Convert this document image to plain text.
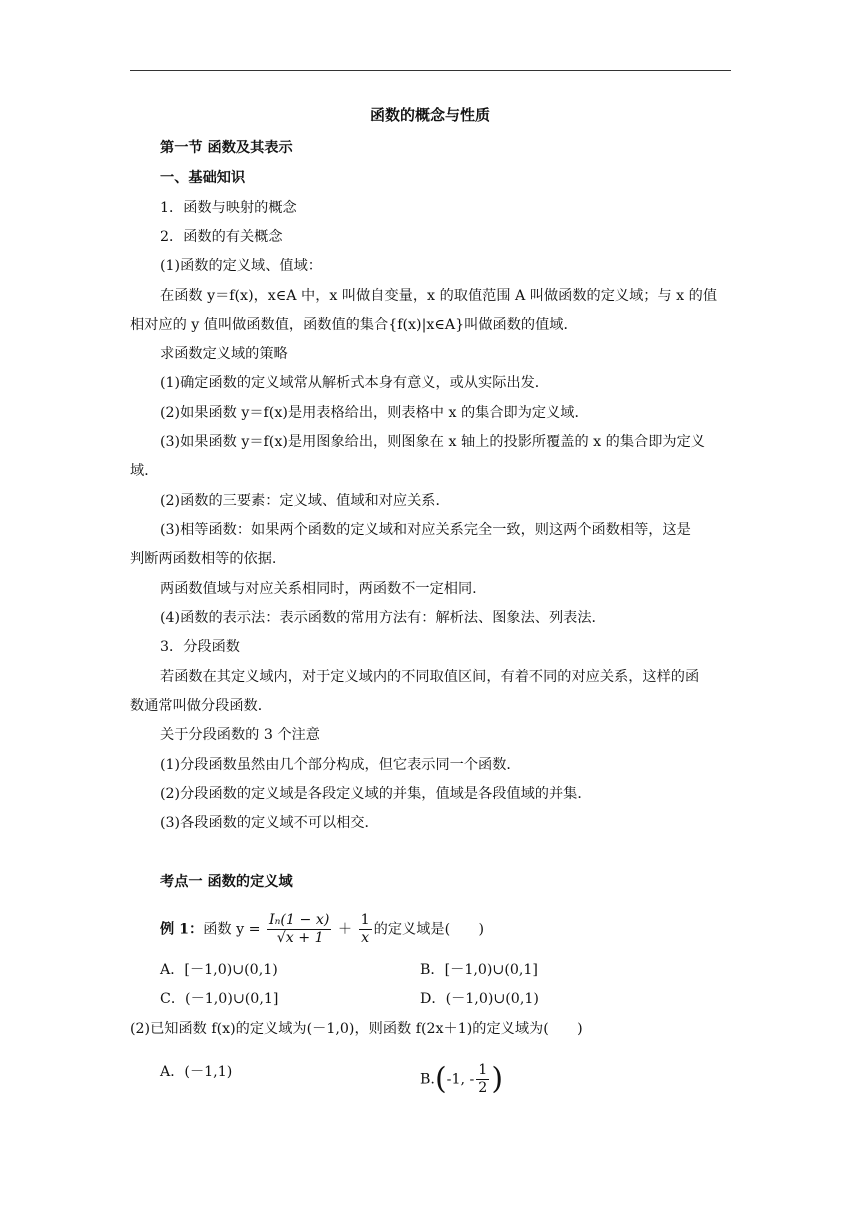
函数的概念与性质
第一节 函数及其表示
一、基础知识
1．函数与映射的概念
2．函数的有关概念
(1)函数的定义域、值域：
在函数 y＝f(x)，x∈A 中，x 叫做自变量，x 的取值范围 A 叫做函数的定义域；与 x 的值
相对应的 y 值叫做函数值，函数值的集合{f(x)|x∈A}叫做函数的值域．
求函数定义域的策略
(1)确定函数的定义域常从解析式本身有意义，或从实际出发．
(2)如果函数 y＝f(x)是用表格给出，则表格中 x 的集合即为定义域．
(3)如果函数 y＝f(x)是用图象给出，则图象在 x 轴上的投影所覆盖的 x 的集合即为定义
域．
(2)函数的三要素：定义域、值域和对应关系．
(3)相等函数：如果两个函数的定义域和对应关系完全一致，则这两个函数相等，这是
判断两函数相等的依据.
两函数值域与对应关系相同时，两函数不一定相同.
(4)函数的表示法：表示函数的常用方法有：解析法、图象法、列表法．
3．分段函数
若函数在其定义域内，对于定义域内的不同取值区间，有着不同的对应关系，这样的函
数通常叫做分段函数．
关于分段函数的 3 个注意
(1)分段函数虽然由几个部分构成，但它表示同一个函数．
(2)分段函数的定义域是各段定义域的并集，值域是各段值域的并集．
(3)各段函数的定义域不可以相交．
考点一 函数的定义域
例 1：函数 $y = \frac{\text{Iₙ(1 − x)}}{√x + 1} + \frac{1}{x}$ 的定义域是(　　)
A．[－1,0)∪(0,1)	B．[－1,0)∪(0,1]
C．(－1,0)∪(0,1]	D．(－1,0)∪(0,1)
(2)已知函数 f(x)的定义域为(－1,0)，则函数 f(2x＋1)的定义域为(　　)
A．(－1,1)	B.(-1, - $\frac{1}{2}$ )
